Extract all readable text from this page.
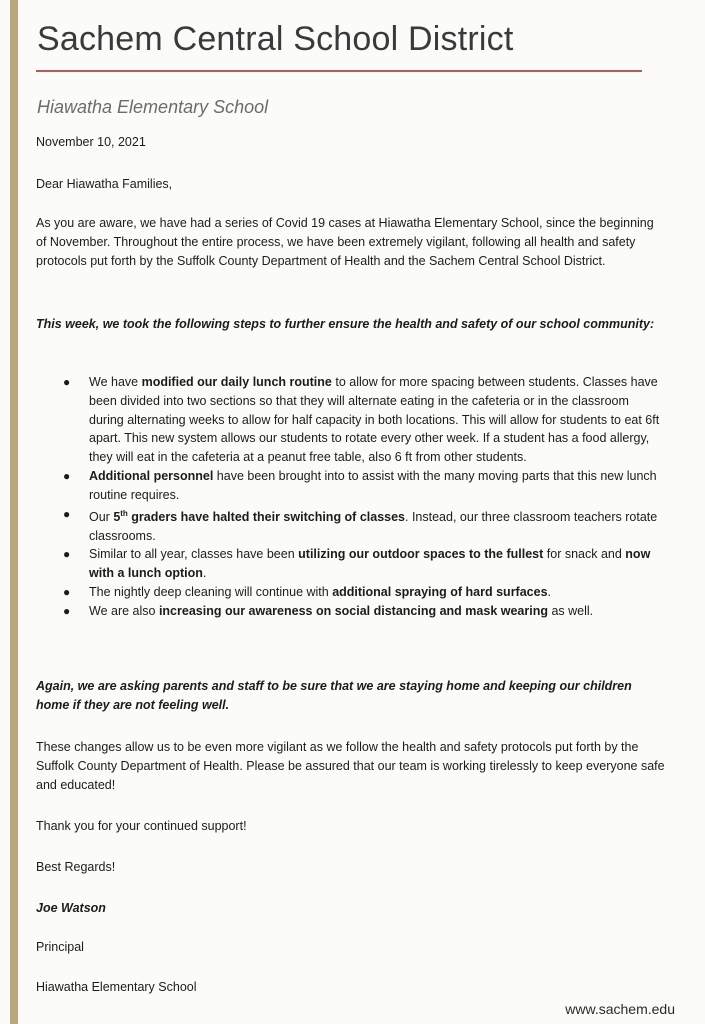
Sachem Central School District
Hiawatha Elementary School
November 10, 2021
Dear Hiawatha Families,
As you are aware, we have had a series of Covid 19 cases at Hiawatha Elementary School, since the beginning of November. Throughout the entire process, we have been extremely vigilant, following all health and safety protocols put forth by the Suffolk County Department of Health and the Sachem Central School District.
This week, we took the following steps to further ensure the health and safety of our school community:
● We have modified our daily lunch routine to allow for more spacing between students. Classes have been divided into two sections so that they will alternate eating in the cafeteria or in the classroom during alternating weeks to allow for half capacity in both locations. This will allow for students to eat 6ft apart. This new system allows our students to rotate every other week. If a student has a food allergy, they will eat in the cafeteria at a peanut free table, also 6 ft from other students.
● Additional personnel have been brought into to assist with the many moving parts that this new lunch routine requires.
● Our 5th graders have halted their switching of classes. Instead, our three classroom teachers rotate classrooms.
● Similar to all year, classes have been utilizing our outdoor spaces to the fullest for snack and now with a lunch option.
● The nightly deep cleaning will continue with additional spraying of hard surfaces.
● We are also increasing our awareness on social distancing and mask wearing as well.
Again, we are asking parents and staff to be sure that we are staying home and keeping our children home if they are not feeling well.
These changes allow us to be even more vigilant as we follow the health and safety protocols put forth by the Suffolk County Department of Health. Please be assured that our team is working tirelessly to keep everyone safe and educated!
Thank you for your continued support!
Best Regards!
Joe Watson
Principal
Hiawatha Elementary School
www.sachem.edu
